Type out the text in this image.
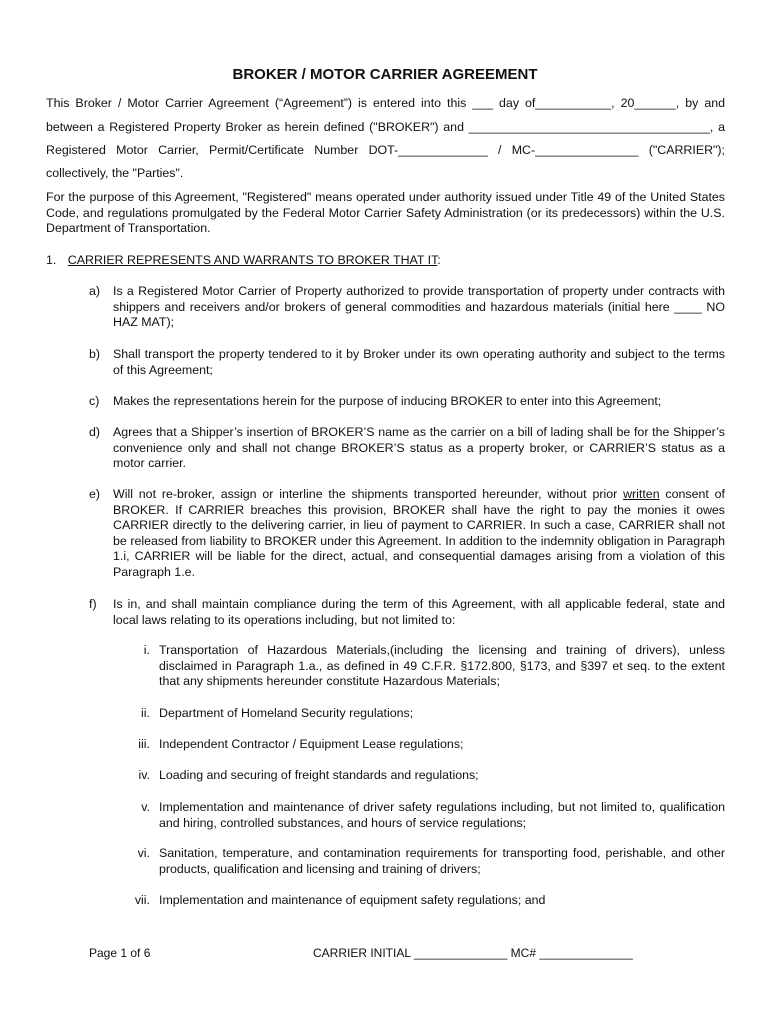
BROKER / MOTOR CARRIER AGREEMENT
This Broker / Motor Carrier Agreement (“Agreement”) is entered into this ___ day of___________, 20______, by and
between a Registered Property Broker as herein defined ("BROKER") and ___________________________________, a
Registered Motor Carrier, Permit/Certificate Number DOT-_____________ / MC-_______________ ("CARRIER");
collectively, the "Parties".
For the purpose of this Agreement, "Registered" means operated under authority issued under Title 49 of the United States Code, and regulations promulgated by the Federal Motor Carrier Safety Administration (or its predecessors) within the U.S. Department of Transportation.
1. CARRIER REPRESENTS AND WARRANTS TO BROKER THAT IT:
a) Is a Registered Motor Carrier of Property authorized to provide transportation of property under contracts with shippers and receivers and/or brokers of general commodities and hazardous materials (initial here ____ NO HAZ MAT);
b) Shall transport the property tendered to it by Broker under its own operating authority and subject to the terms of this Agreement;
c) Makes the representations herein for the purpose of inducing BROKER to enter into this Agreement;
d) Agrees that a Shipper’s insertion of BROKER’S name as the carrier on a bill of lading shall be for the Shipper’s convenience only and shall not change BROKER’S status as a property broker, or CARRIER’S status as a motor carrier.
e) Will not re-broker, assign or interline the shipments transported hereunder, without prior written consent of BROKER. If CARRIER breaches this provision, BROKER shall have the right to pay the monies it owes CARRIER directly to the delivering carrier, in lieu of payment to CARRIER. In such a case, CARRIER shall not be released from liability to BROKER under this Agreement. In addition to the indemnity obligation in Paragraph 1.i, CARRIER will be liable for the direct, actual, and consequential damages arising from a violation of this Paragraph 1.e.
f) Is in, and shall maintain compliance during the term of this Agreement, with all applicable federal, state and local laws relating to its operations including, but not limited to:
i. Transportation of Hazardous Materials,(including the licensing and training of drivers), unless disclaimed in Paragraph 1.a., as defined in 49 C.F.R. §172.800, §173, and §397 et seq. to the extent that any shipments hereunder constitute Hazardous Materials;
ii. Department of Homeland Security regulations;
iii. Independent Contractor / Equipment Lease regulations;
iv. Loading and securing of freight standards and regulations;
v. Implementation and maintenance of driver safety regulations including, but not limited to, qualification and hiring, controlled substances, and hours of service regulations;
vi. Sanitation, temperature, and contamination requirements for transporting food, perishable, and other products, qualification and licensing and training of drivers;
vii. Implementation and maintenance of equipment safety regulations; and
Page 1 of 6	CARRIER INITIAL ______________ MC# ______________
